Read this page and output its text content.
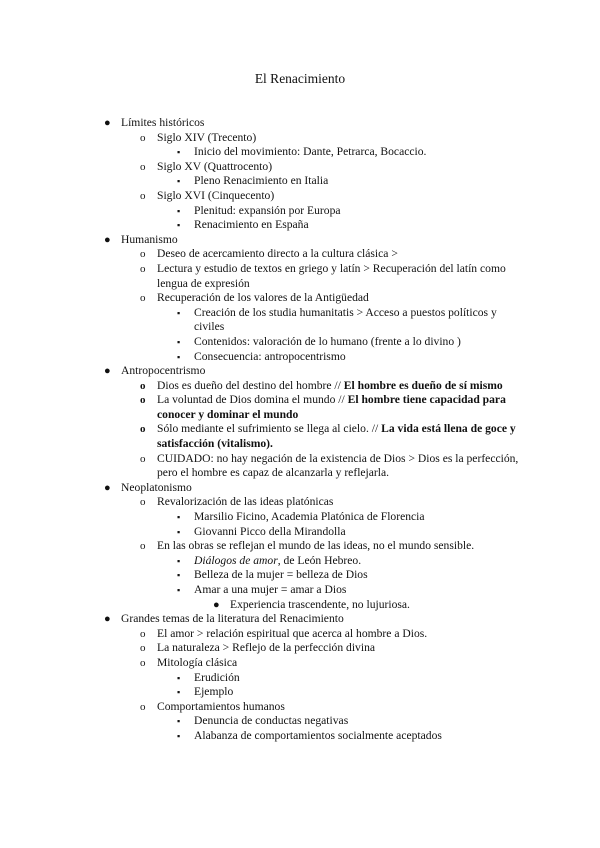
El Renacimiento
● Límites históricos
o Siglo XIV (Trecento)
▪ Inicio del movimiento: Dante, Petrarca, Bocaccio.
o Siglo XV (Quattrocento)
▪ Pleno Renacimiento en Italia
o Siglo XVI (Cinquecento)
▪ Plenitud: expansión por Europa
▪ Renacimiento en España
● Humanismo
o Deseo de acercamiento directo a la cultura clásica >
o Lectura y estudio de textos en griego y latín > Recuperación del latín como lengua de expresión
o Recuperación de los valores de la Antigüedad
▪ Creación de los studia humanitatis > Acceso a puestos políticos y civiles
▪ Contenidos: valoración de lo humano (frente a lo divino )
▪ Consecuencia: antropocentrismo
● Antropocentrismo
o Dios es dueño del destino del hombre // El hombre es dueño de sí mismo
o La voluntad de Dios domina el mundo // El hombre tiene capacidad para conocer y dominar el mundo
o Sólo mediante el sufrimiento se llega al cielo. // La vida está llena de goce y satisfacción (vitalismo).
o CUIDADO: no hay negación de la existencia de Dios > Dios es la perfección, pero el hombre es capaz de alcanzarla y reflejarla.
● Neoplatonismo
o Revalorización de las ideas platónicas
▪ Marsilio Ficino, Academia Platónica de Florencia
▪ Giovanni Picco della Mirandolla
o En las obras se reflejan el mundo de las ideas, no el mundo sensible.
▪ Diálogos de amor, de León Hebreo.
▪ Belleza de la mujer = belleza de Dios
▪ Amar a una mujer = amar a Dios
● Experiencia trascendente, no lujuriosa.
● Grandes temas de la literatura del Renacimiento
o El amor > relación espiritual que acerca al hombre a Dios.
o La naturaleza > Reflejo de la perfección divina
o Mitología clásica
▪ Erudición
▪ Ejemplo
o Comportamientos humanos
▪ Denuncia de conductas negativas
▪ Alabanza de comportamientos socialmente aceptados
